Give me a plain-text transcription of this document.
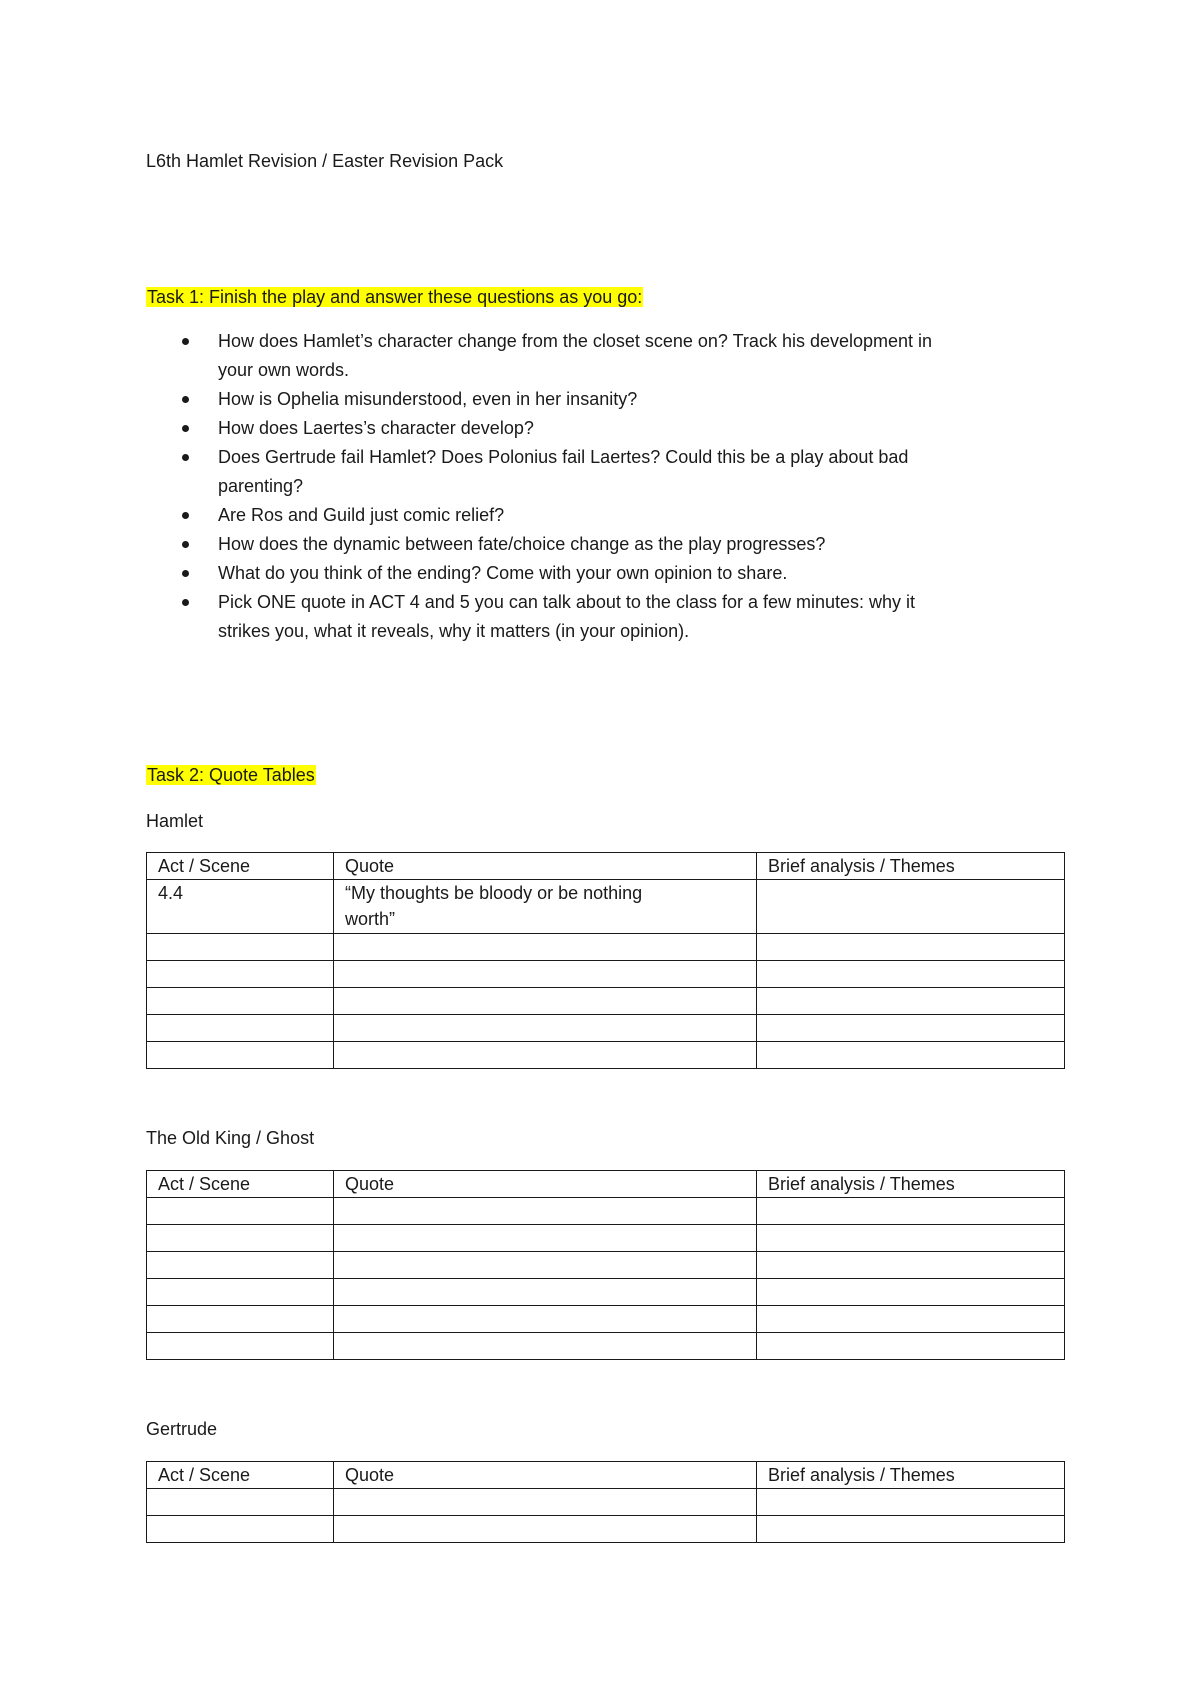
L6th Hamlet Revision / Easter Revision Pack
Task 1: Finish the play and answer these questions as you go:
How does Hamlet’s character change from the closet scene on? Track his development in
your own words.
How is Ophelia misunderstood, even in her insanity?
How does Laertes’s character develop?
Does Gertrude fail Hamlet? Does Polonius fail Laertes? Could this be a play about bad
parenting?
Are Ros and Guild just comic relief?
How does the dynamic between fate/choice change as the play progresses?
What do you think of the ending? Come with your own opinion to share.
Pick ONE quote in ACT 4 and 5 you can talk about to the class for a few minutes: why it
strikes you, what it reveals, why it matters (in your opinion).
Task 2: Quote Tables
Hamlet
Act / Scene	Quote	Brief analysis / Themes
4.4	“My thoughts be bloody or be nothing
worth”	

The Old King / Ghost
Act / Scene	Quote	Brief analysis / Themes

Gertrude
Act / Scene	Quote	Brief analysis / Themes
